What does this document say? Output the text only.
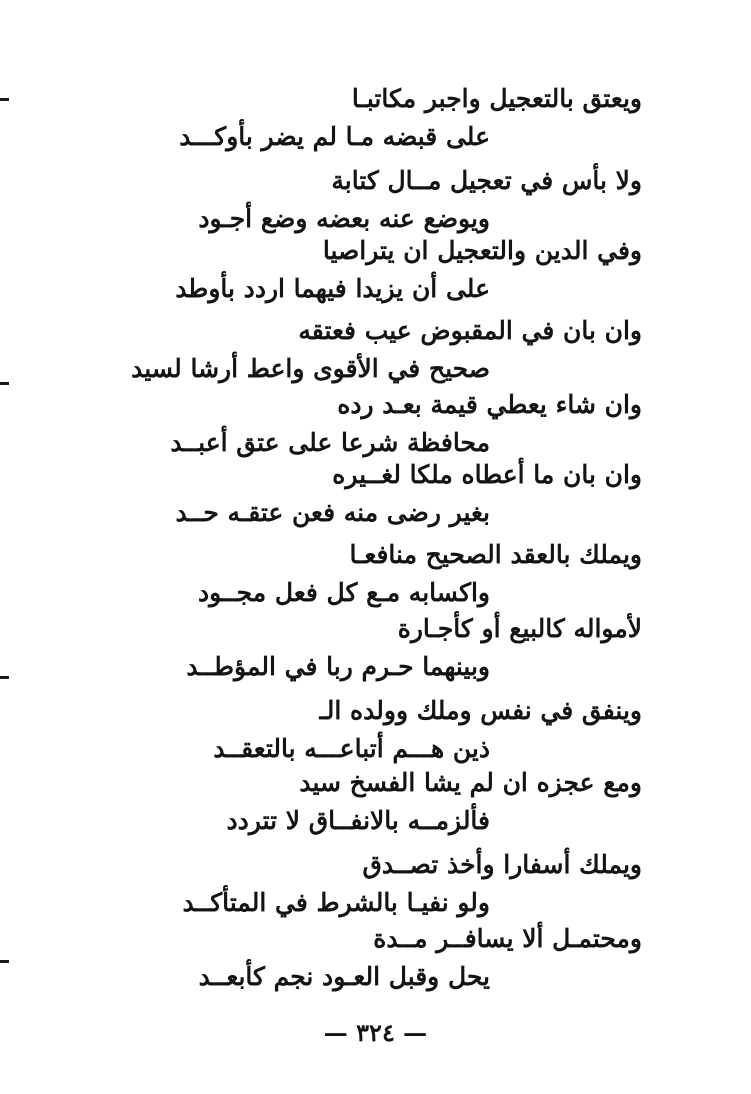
ويعتق بالتعجيل واجبر مكاتبـا
على قبضه مـا لم يضر بأوكـــد
ولا بأس في تعجيل مــال كتابة
ويوضع عنه بعضه وضع أجـود
وفي الدين والتعجيل ان يتراصيا
على أن يزيدا فيهما اردد بأوطد
وان بان في المقبوض عيب فعتقه
صحيح في الأقوى واعط أرشا لسيد
وان شاء يعطي قيمة بعـد رده
محافظة شرعا على عتق أعبــد
وان بان ما أعطاه ملكا لغــيره
بغير رضى منه فعن عتقـه حــد
ويملك بالعقد الصحيح منافعـا
واكسابه مـع كل فعل مجــود
لأمواله كالبيع أو كأجـارة
وبينهما حـرم ربا في المؤطــد
وينفق في نفس وملك وولده الـ
ذين هـــم أتباعـــه بالتعقــد
ومع عجزه ان لم يشا الفسخ سيد
فألزمــه بالانفــاق لا تتردد
ويملك أسفارا وأخذ تصــدق
ولو نفيـا بالشرط في المتأكــد
ومحتمـل ألا يسافــر مــدة
يحل وقبل العـود نجم كأبعــد
— ٣٢٤ —
